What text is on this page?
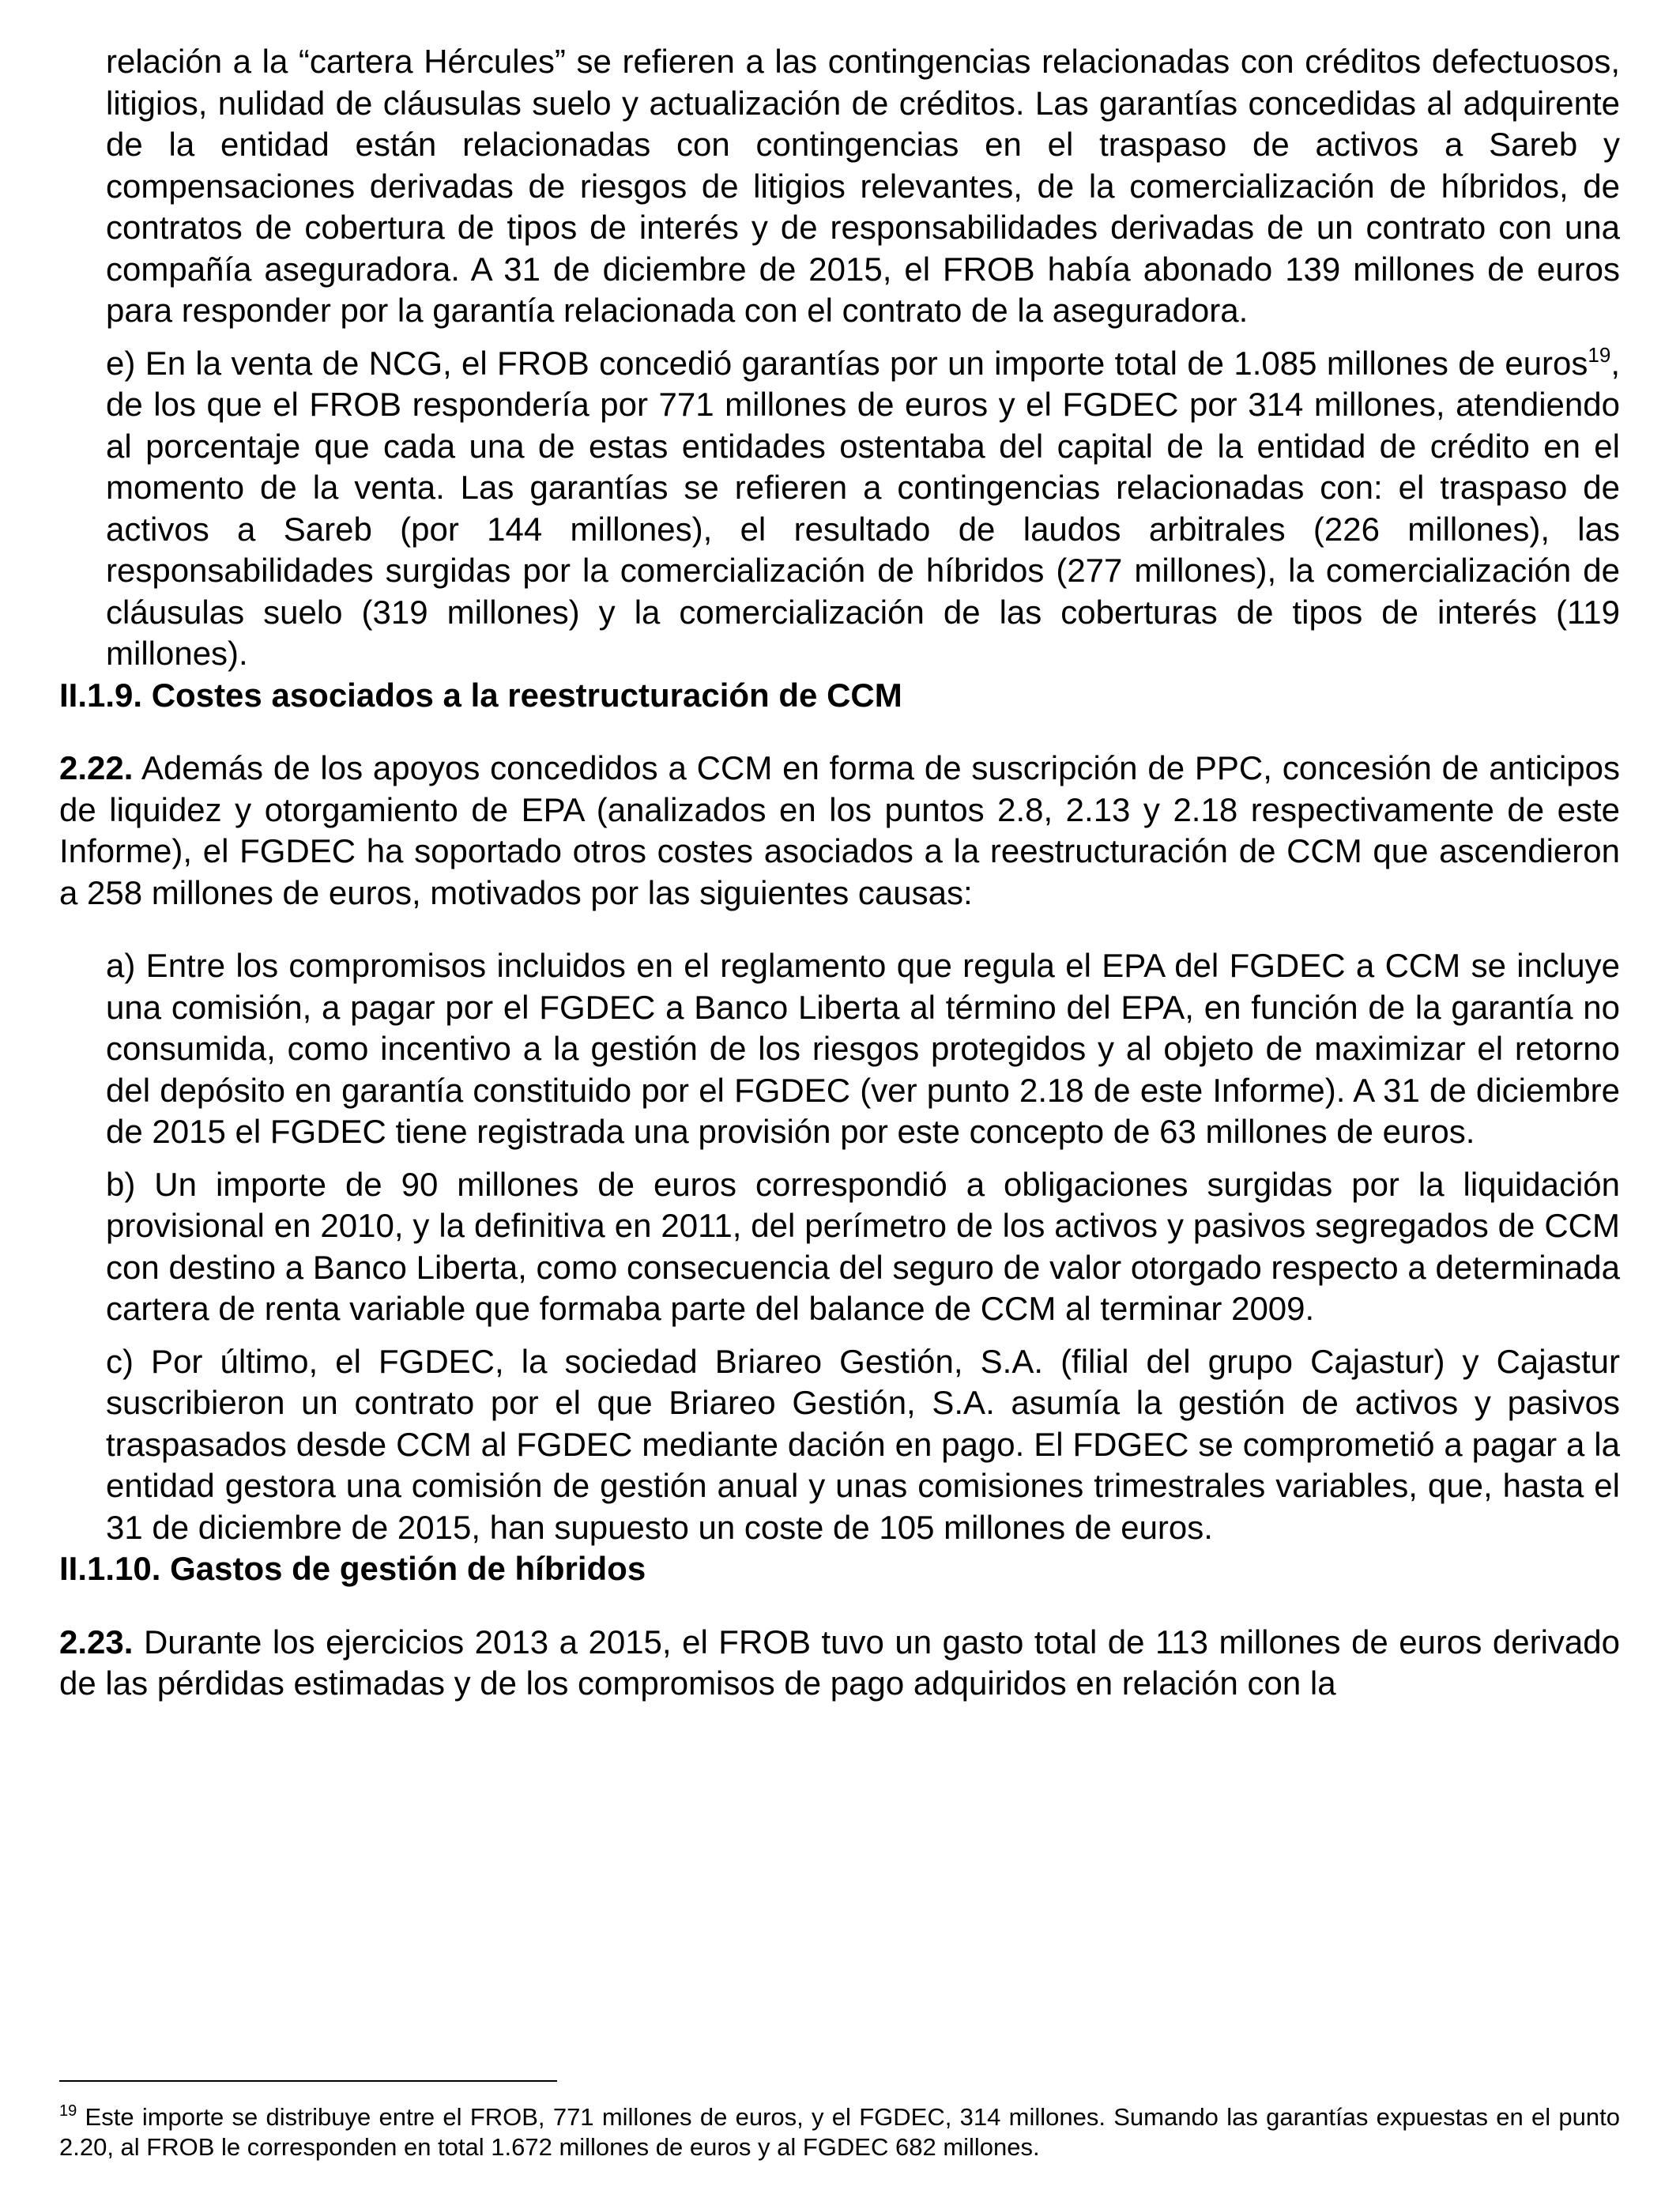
relación a la “cartera Hércules” se refieren a las contingencias relacionadas con créditos defectuosos, litigios, nulidad de cláusulas suelo y actualización de créditos. Las garantías concedidas al adquirente de la entidad están relacionadas con contingencias en el traspaso de activos a Sareb y compensaciones derivadas de riesgos de litigios relevantes, de la comercialización de híbridos, de contratos de cobertura de tipos de interés y de responsabilidades derivadas de un contrato con una compañía aseguradora. A 31 de diciembre de 2015, el FROB había abonado 139 millones de euros para responder por la garantía relacionada con el contrato de la aseguradora.

e) En la venta de NCG, el FROB concedió garantías por un importe total de 1.085 millones de euros$^{19}$, de los que el FROB respondería por 771 millones de euros y el FGDEC por 314 millones, atendiendo al porcentaje que cada una de estas entidades ostentaba del capital de la entidad de crédito en el momento de la venta. Las garantías se refieren a contingencias relacionadas con: el traspaso de activos a Sareb (por 144 millones), el resultado de laudos arbitrales (226 millones), las responsabilidades surgidas por la comercialización de híbridos (277 millones), la comercialización de cláusulas suelo (319 millones) y la comercialización de las coberturas de tipos de interés (119 millones).

II.1.9. Costes asociados a la reestructuración de CCM

2.22. Además de los apoyos concedidos a CCM en forma de suscripción de PPC, concesión de anticipos de liquidez y otorgamiento de EPA (analizados en los puntos 2.8, 2.13 y 2.18 respectivamente de este Informe), el FGDEC ha soportado otros costes asociados a la reestructuración de CCM que ascendieron a 258 millones de euros, motivados por las siguientes causas:

a) Entre los compromisos incluidos en el reglamento que regula el EPA del FGDEC a CCM se incluye una comisión, a pagar por el FGDEC a Banco Liberta al término del EPA, en función de la garantía no consumida, como incentivo a la gestión de los riesgos protegidos y al objeto de maximizar el retorno del depósito en garantía constituido por el FGDEC (ver punto 2.18 de este Informe). A 31 de diciembre de 2015 el FGDEC tiene registrada una provisión por este concepto de 63 millones de euros.

b) Un importe de 90 millones de euros correspondió a obligaciones surgidas por la liquidación provisional en 2010, y la definitiva en 2011, del perímetro de los activos y pasivos segregados de CCM con destino a Banco Liberta, como consecuencia del seguro de valor otorgado respecto a determinada cartera de renta variable que formaba parte del balance de CCM al terminar 2009.

c) Por último, el FGDEC, la sociedad Briareo Gestión, S.A. (filial del grupo Cajastur) y Cajastur suscribieron un contrato por el que Briareo Gestión, S.A. asumía la gestión de activos y pasivos traspasados desde CCM al FGDEC mediante dación en pago. El FDGEC se comprometió a pagar a la entidad gestora una comisión de gestión anual y unas comisiones trimestrales variables, que, hasta el 31 de diciembre de 2015, han supuesto un coste de 105 millones de euros.

II.1.10. Gastos de gestión de híbridos

2.23. Durante los ejercicios 2013 a 2015, el FROB tuvo un gasto total de 113 millones de euros derivado de las pérdidas estimadas y de los compromisos de pago adquiridos en relación con la

$^{19}$ Este importe se distribuye entre el FROB, 771 millones de euros, y el FGDEC, 314 millones. Sumando las garantías expuestas en el punto 2.20, al FROB le corresponden en total 1.672 millones de euros y al FGDEC 682 millones.
